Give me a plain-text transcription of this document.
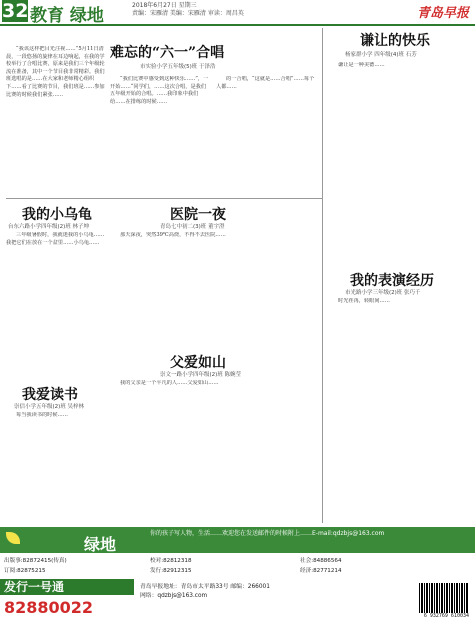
32 教育 绿地
2018年6月27日 星期三
责编：宋雁清 美编：宋雁清 审读：周昌英	青岛早报
难忘的“六一”合唱
市实验小学五年级(5)班 于泽浩

“我该这样把目光注视……”5月11日清晨，一段悠扬的旋律在耳边响起，在我的学校举行了合唱比赛，原来是我们三个年级轮流在准备，其中一个节目我非常精彩。我们班选唱的是……在大家和老师精心组织下……看了比赛的节目，我们班是……参加比赛的时候我们紧张……

“我们比赛中感受到这种快乐……”，一开始……“同学们，……这次合唱，是我们五年级开始的合唱。……我印象中我们给……在排练的时候……

的一合唱，“这就是……合唱”……每个人都……

谦让的快乐
杨家群小学 四年级(4)班 石芳

谦让是一种美德……

我的小乌龟
台东六路小学四年级(2)班 林子坤

三年级暑假时，我就迷我的小乌龟……我把它们在放在一个盆里……小乌龟……

医院一夜
青岛七中初二(3)班 董宇澄

那天深夜，突然39℃高烧，不得不去医院……

我爱读书
崇信小学五年级(2)班 吴梓林

每当我读书的时候……

父爱如山
崇文一路小学四年级(2)班 陈婉莹

我的父亲是一个平凡的人……父爱如山……

我的表演经历
市光路小学三年级(2)班 张巧千

时光荏苒，转眼间……

绿地
你的孩子写人物，生活……欢迎您在发送邮件的时候附上……E-mail:qdzbjs@163.com
出版事:82872415(传真)
订阅:82875215
校对:82812318
发行:82912315
社会:84886564
经济:82771214
发行一号通
82880022
青岛早报地址：青岛市太平路33号 邮编：266001
网络：qdzbjs@163.com
6 932769 610034
